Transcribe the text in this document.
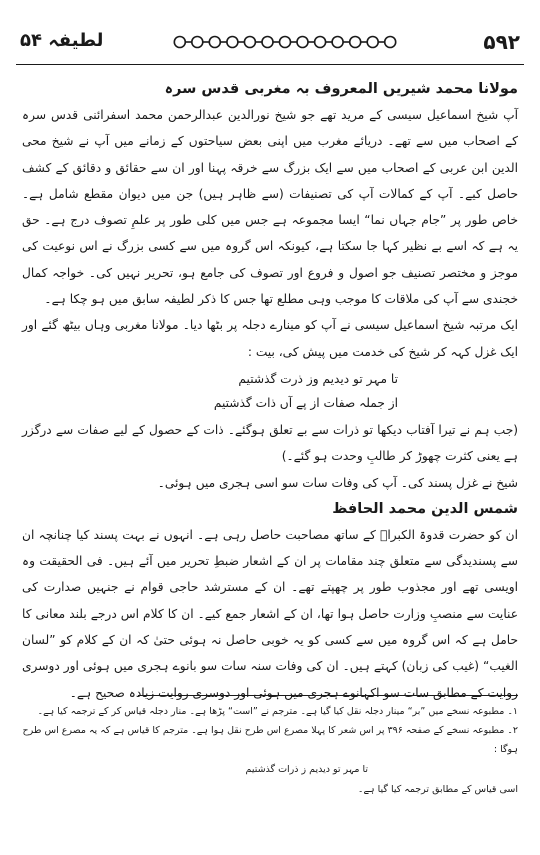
۵۹۲
لطیفہ ۵۴
مولانا محمد شیریں المعروف بہ مغربی قدس سرہ

آپ شیخ اسماعیل سیسی کے مرید تھے جو شیخ نورالدین عبدالرحمن محمد اسفرائنی قدس سرہ کے اصحاب میں سے تھے۔ دریائے مغرب میں اپنی بعض سیاحتوں کے زمانے میں آپ نے شیخ محی الدین ابن عربی کے اصحاب میں سے ایک بزرگ سے خرقہ پہنا اور ان سے حقائق و دقائق کے کشف حاصل کیے۔ آپ کے کمالات آپ کی تصنیفات (سے ظاہر ہیں) جن میں دیوان مقطع شامل ہے۔ خاص طور پر ”جام جہاں نما“ ایسا مجموعہ ہے جس میں کلی طور پر علمِ تصوف درج ہے۔ حق یہ ہے کہ اسے بے نظیر کہا جا سکتا ہے، کیونکہ اس گروہ میں سے کسی بزرگ نے اس نوعیت کی موجز و مختصر تصنیف جو اصول و فروع اور تصوف کی جامع ہو، تحریر نہیں کی۔ خواجہ کمال خجندی سے آپ کی ملاقات کا موجب وہی مطلع تھا جس کا ذکر لطیفہ سابق میں ہو چکا ہے۔

ایک مرتبہ شیخ اسماعیل سیسی نے آپ کو مینارے دجلہ پر بٹھا دیا۔ مولانا مغربی وہاں بیٹھ گئے اور ایک غزل کہہ کر شیخ کی خدمت میں پیش کی، بیت :

تا مہر تو دیدیم وز ذرت گذشتیم
از جملہ صفات از پے آں ذات گذشتیم

(جب ہم نے تیرا آفتاب دیکھا تو ذرات سے بے تعلق ہوگئے۔ ذات کے حصول کے لیے صفات سے درگزر ہے یعنی کثرت چھوڑ کر طالبِ وحدت ہو گئے۔)

شیخ نے غزل پسند کی۔ آپ کی وفات سات سو اسی ہجری میں ہوئی۔

شمس الدین محمد الحافظ

ان کو حضرت قدوۃ الکبراؒ کے ساتھ مصاحبت حاصل رہی ہے۔ انہوں نے بہت پسند کیا چنانچہ ان سے پسندیدگی سے متعلق چند مقامات پر ان کے اشعار ضبطِ تحریر میں آئے ہیں۔ فی الحقیقت وہ اویسی تھے اور مجذوب طور پر چھپتے تھے۔ ان کے مسترشد حاجی قوام نے جنہیں صدارت کی عنایت سے منصبِ وزارت حاصل ہوا تھا، ان کے اشعار جمع کیے۔ ان کا کلام اس درجے بلند معانی کا حامل ہے کہ اس گروہ میں سے کسی کو یہ خوبی حاصل نہ ہوئی حتیٰ کہ ان کے کلام کو ”لسان الغیب“ (غیب کی زبان) کہتے ہیں۔ ان کی وفات سنہ سات سو بانوے ہجری میں ہوئی اور دوسری روایت کے مطابق سات سو اکہانوے ہجری میں ہوئی اور دوسری روایت زیادہ صحیح ہے۔

۱۔ مطبوعہ نسخے میں ”بر“ مینار دجلہ نقل کیا گیا ہے۔ مترجم نے ”است“ پڑھا ہے۔ منار دجلہ قیاس کر کے ترجمہ کیا ہے۔

۲۔ مطبوعہ نسخے کے صفحہ ۳۹۶ پر اس شعر کا پہلا مصرع اس طرح نقل ہوا ہے۔ مترجم کا قیاس ہے کہ یہ مصرع اس طرح ہوگا :

تا مہر تو دیدیم ز ذرات گذشتیم

اسی قیاس کے مطابق ترجمہ کیا گیا ہے۔
